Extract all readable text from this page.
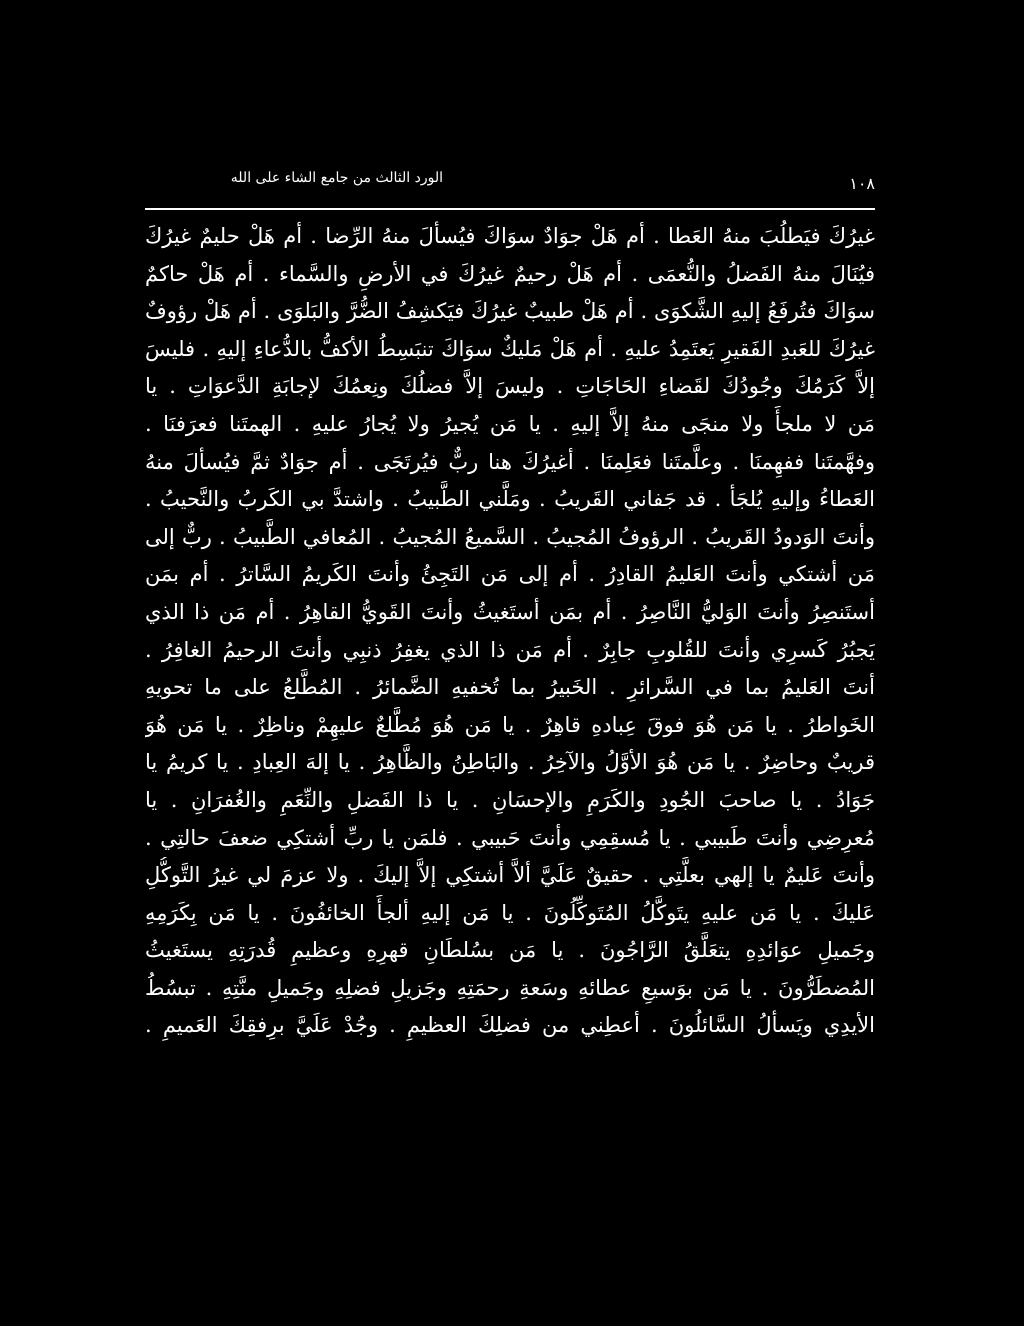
الورد الثالث من جامع الشاء على الله	١٠٨
غيرُكَ فيَطلُبَ منهُ العَطا . أم هَلْ جوَادٌ سوَاكَ فيُسألَ منهُ الرِّضا . أم هَلْ حليمٌ غيرُكَ
فيُنَالَ منهُ الفَضلُ والنُّعمَى . أم هَلْ رحيمٌ غيرُكَ في الأرضِ والسَّماء . أم هَلْ حاكمٌ
سوَاكَ فتُرفَعُ إليهِ الشَّكوَى . أم هَلْ طبيبٌ غيرُكَ فيَكشِفُ الضُّرَّ والبَلوَى . أم هَلْ رؤوفٌ
غيرُكَ للعَبدِ الفَقيرِ يَعتَمِدُ عليهِ . أم هَلْ مَليكٌ سوَاكَ تنبَسِطُ الأكفُّ بالدُّعاءِ إليهِ . فليسَ
إلاَّ كَرَمُكَ وجُودُكَ لقَضاءِ الحَاجَاتِ . وليسَ إلاَّ فضلُكَ ونِعمُكَ لإجابَةِ الدَّعوَاتِ . يا
مَن لا ملجأَ ولا منجَى منهُ إلاَّ إليهِ . يا مَن يُجيرُ ولا يُجارُ عليهِ . الهمتَنا فعرَفنَا .
وفهَّمتَنا ففهِمنَا . وعلَّمتَنا فعَلِمنَا . أغيرُكَ هنا ربٌّ فيُرتَجَى . أم جوَادٌ ثمَّ فيُسألَ منهُ
العَطاءُ وإليهِ يُلجَأ . قد جَفاني القَريبُ . ومَلَّني الطَّبيبُ . واشتدَّ بي الكَربُ والنَّحيبُ .
وأنتَ الوَدودُ القَريبُ . الرؤوفُ المُجيبُ . السَّميعُ المُجيبُ . المُعافي الطَّبيبُ . ربٌّ إلى
مَن أشتكي وأنتَ العَليمُ القادِرُ . أم إلى مَن التَجِئُ وأنتَ الكَريمُ السَّاترُ . أم بمَن
أستَنصِرُ وأنتَ الوَليُّ النَّاصِرُ . أم بمَن أستَغيثُ وأنتَ القَويُّ القاهِرُ . أم مَن ذا الذي
يَجبُرُ كَسرِي وأنتَ للقُلوبِ جابِرٌ . أم مَن ذا الذي يغفِرُ ذنبِي وأنتَ الرحيمُ الغافِرُ .
أنتَ العَليمُ بما في السَّرائرِ . الخَبيرُ بما تُخفيهِ الضَّمائرُ . المُطَّلعُ على ما تحويهِ
الخَواطرُ . يا مَن هُوَ فوقَ عِبادهِ قاهِرٌ . يا مَن هُوَ مُطَّلعٌ عليهِمْ وناظِرٌ . يا مَن هُوَ
قريبٌ وحاضِرٌ . يا مَن هُوَ الأوَّلُ والآخِرُ . والبَاطِنُ والظَّاهِرُ . يا إلهَ العِبادِ . يا كريمُ يا
جَوَادُ . يا صاحبَ الجُودِ والكَرَمِ والإحسَانِ . يا ذا الفَضلِ والنِّعَمِ والغُفرَانِ . يا
مُعرِضِي وأنتَ طَبيبي . يا مُسقِمِي وأنتَ حَبيبي . فلمَن يا ربِّ أشتكِي ضعفَ حالتِي .
وأنتَ عَليمٌ يا إلهي بعلَّتِي . حقيقٌ عَلَيَّ ألاَّ أشتكِي إلاَّ إليكَ . ولا عزمَ لي غيرُ التَّوكُّلِ
عَليكَ . يا مَن عليهِ يتَوكَّلُ المُتَوكِّلُونَ . يا مَن إليهِ ألجأَ الخائفُونَ . يا مَن بِكَرَمِهِ
وجَميلِ عوَائدِهِ يتعَلَّقُ الرَّاجُونَ . يا مَن بسُلطَانِ قهرِهِ وعظيمِ قُدرَتِهِ يستَغيثُ
المُضطَرُّونَ . يا مَن بوَسيعِ عطائهِ وسَعةِ رحمَتِهِ وجَزيلِ فضلِهِ وجَميلِ منَّتِهِ . تبسُطُ
الأيدِي ويَسألُ السَّائلُونَ . أعطِني من فضلِكَ العظيمِ . وجُدْ عَلَيَّ برِفقِكَ العَميمِ .
